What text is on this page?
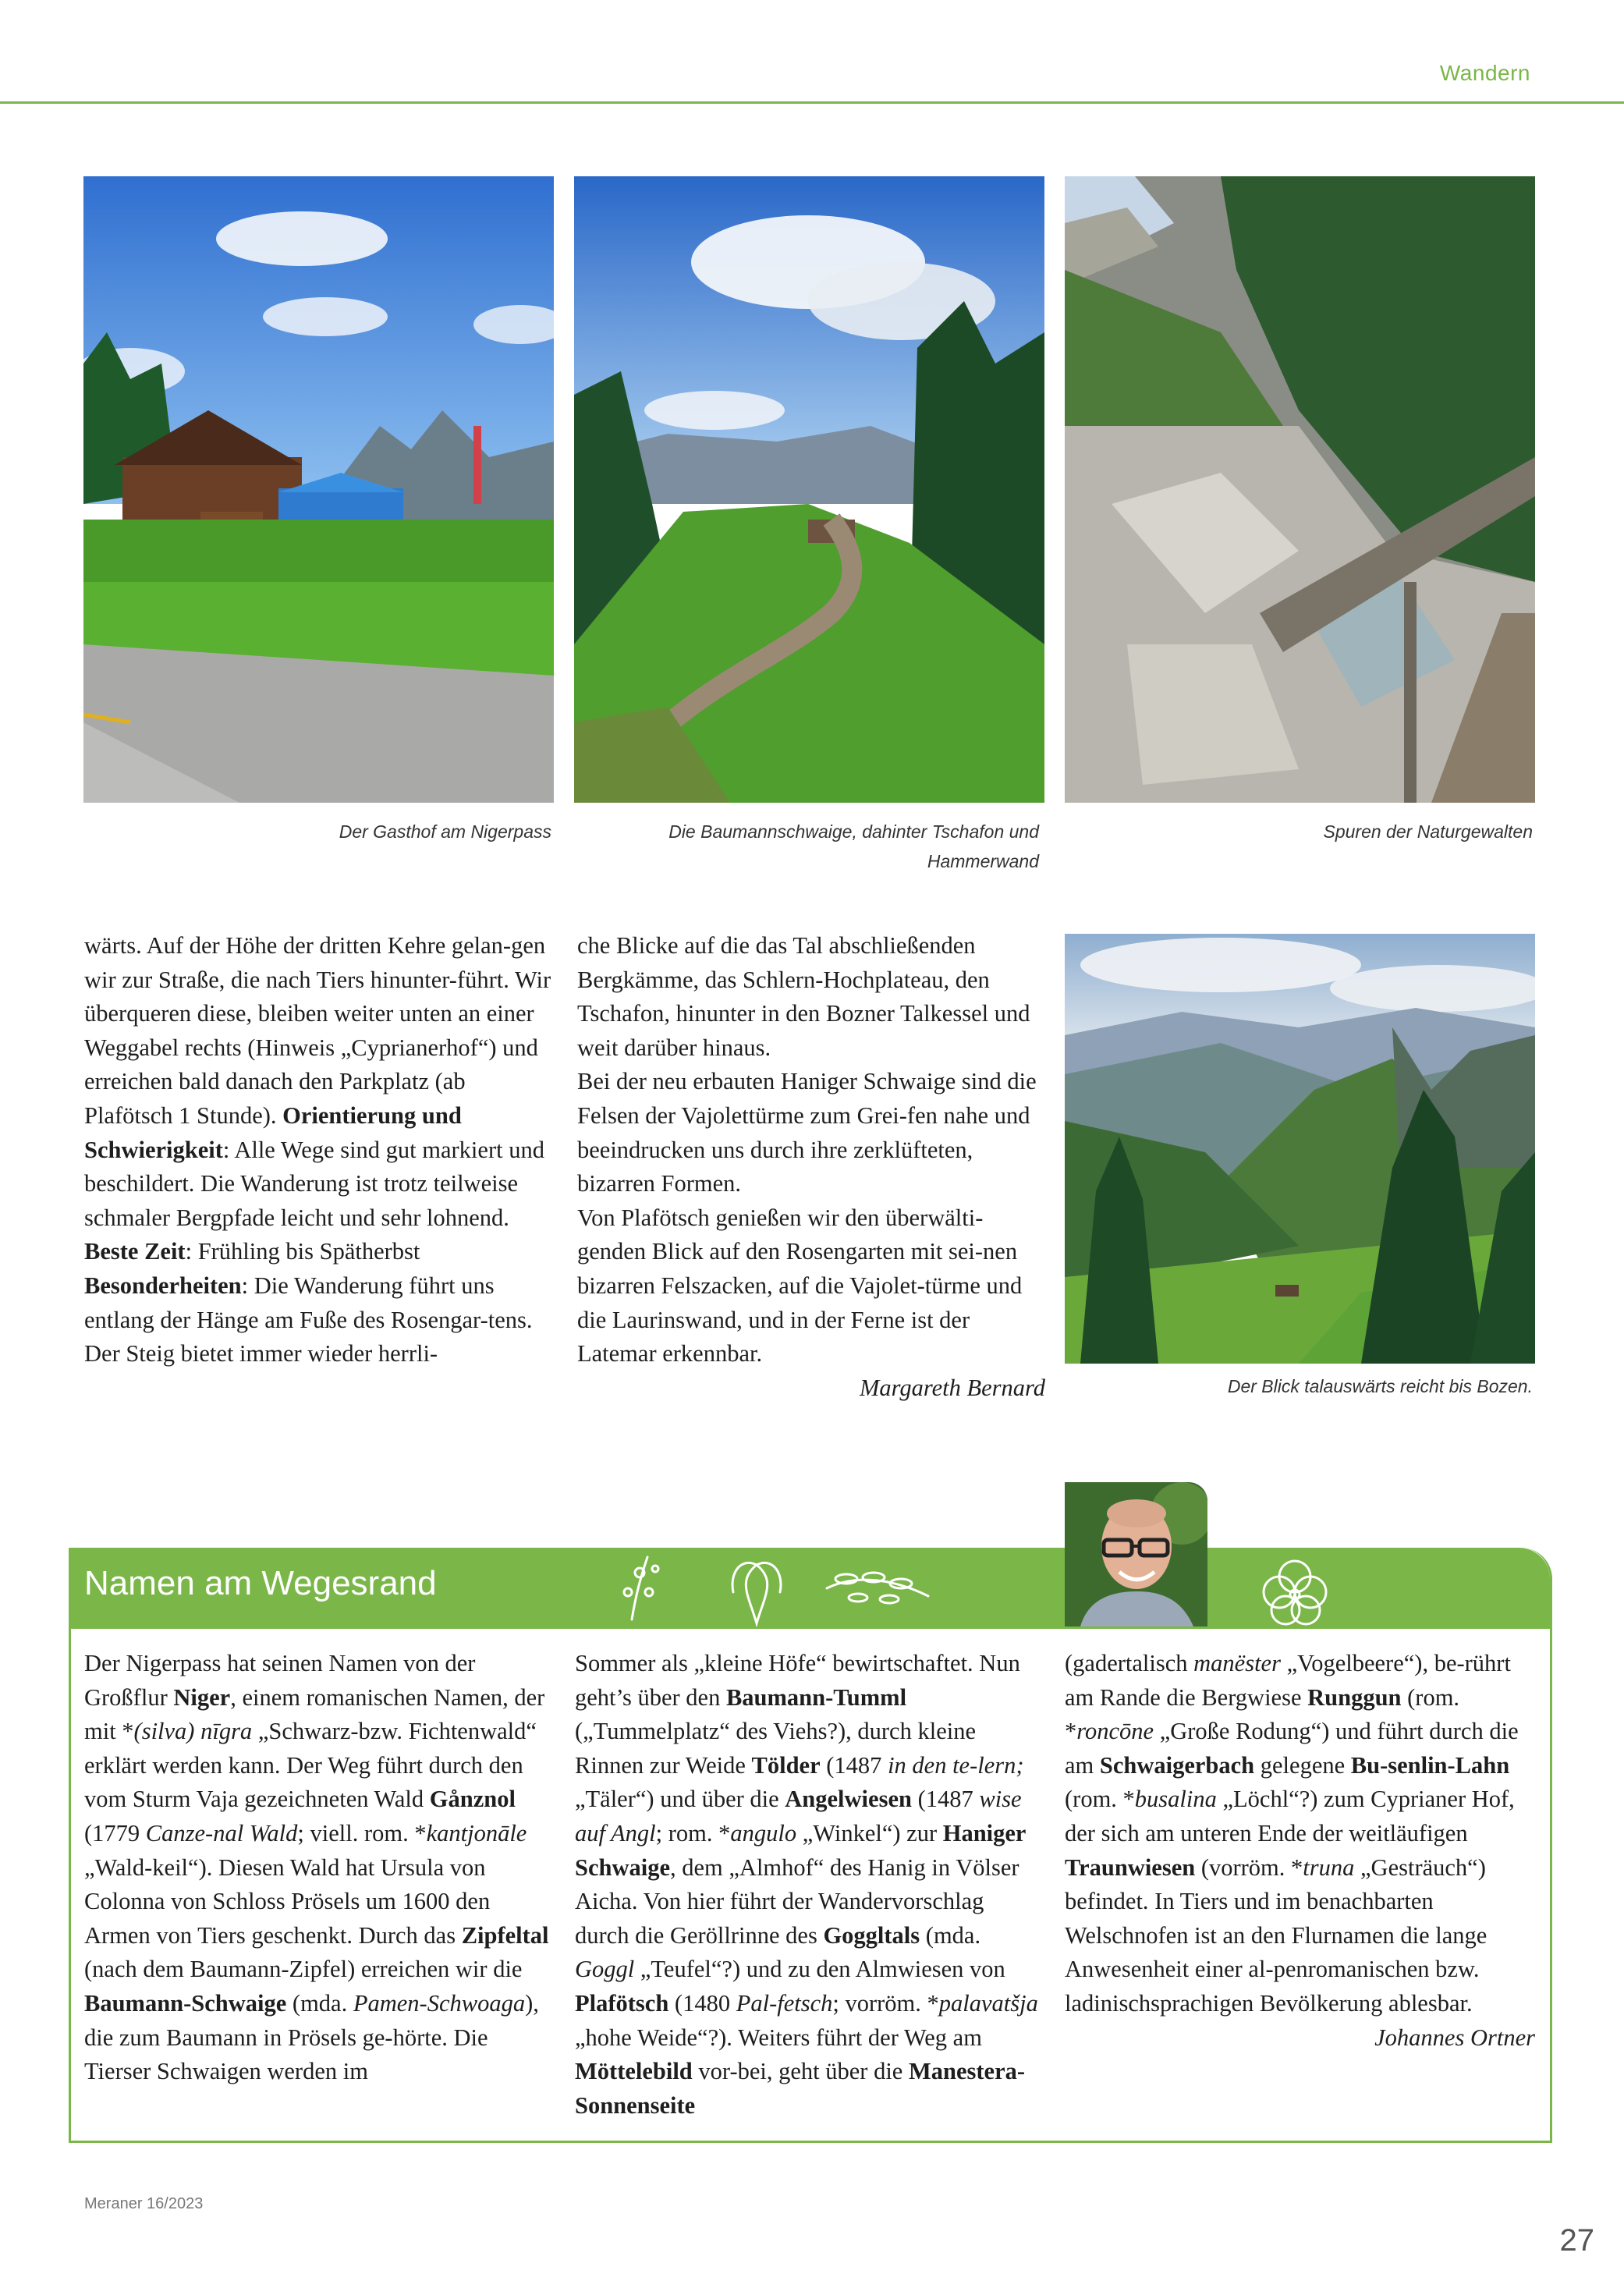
Wandern
Der Gasthof am Nigerpass	Die Baumannschwaige, dahinter Tschafon und Hammerwand
Spuren der Naturgewalten
Der Blick talauswärts reicht bis Bozen.

wärts. Auf der Höhe der dritten Kehre gelan-gen wir zur Straße, die nach Tiers hinunter-führt. Wir überqueren diese, bleiben weiter unten an einer Weggabel rechts (Hinweis „Cyprianerhof“) und erreichen bald danach den Parkplatz (ab Plafötsch 1 Stunde). Orientierung und Schwierigkeit: Alle Wege sind gut markiert und beschildert. Die Wanderung ist trotz teilweise schmaler Bergpfade leicht und sehr lohnend.

Beste Zeit: Frühling bis Spätherbst

Besonderheiten: Die Wanderung führt uns entlang der Hänge am Fuße des Rosengar-tens. Der Steig bietet immer wieder herrli-

che Blicke auf die das Tal abschließenden Bergkämme, das Schlern-Hochplateau, den Tschafon, hinunter in den Bozner Talkessel und weit darüber hinaus.

Bei der neu erbauten Haniger Schwaige sind die Felsen der Vajolettürme zum Grei-fen nahe und beeindrucken uns durch ihre zerklüfteten, bizarren Formen.

Von Plafötsch genießen wir den überwälti-genden Blick auf den Rosengarten mit sei-nen bizarren Felszacken, auf die Vajolet-türme und die Laurinswand, und in der Ferne ist der Latemar erkennbar.

Margareth Bernard

Namen am Wegesrand

Der Nigerpass hat seinen Namen von der Großflur Niger, einem romanischen Namen, der mit *(silva) nīgra „Schwarz-bzw. Fichtenwald“ erklärt werden kann. Der Weg führt durch den vom Sturm Vaja gezeichneten Wald Gånznol (1779 Canze-nal Wald; viell. rom. *kantjonāle „Wald-keil“). Diesen Wald hat Ursula von Colonna von Schloss Prösels um 1600 den Armen von Tiers geschenkt. Durch das Zipfeltal (nach dem Baumann-Zipfel) erreichen wir die Baumann-Schwaige (mda. Pamen-Schwoaga), die zum Baumann in Prösels ge-hörte. Die Tierser Schwaigen werden im

Sommer als „kleine Höfe“ bewirtschaftet. Nun geht’s über den Baumann-Tumml („Tummelplatz“ des Viehs?), durch kleine Rinnen zur Weide Tölder (1487 in den te-lern; „Täler“) und über die Angelwiesen (1487 wise auf Angl; rom. *angulo „Winkel“) zur Haniger Schwaige, dem „Almhof“ des Hanig in Völser Aicha. Von hier führt der Wandervorschlag durch die Geröllrinne des Goggltals (mda. Goggl „Teufel“?) und zu den Almwiesen von Plafötsch (1480 Pal-fetsch; vorröm. *palavatšja „hohe Weide“?). Weiters führt der Weg am Möttelebild vor-bei, geht über die Manestera-Sonnenseite

(gadertalisch manëster „Vogelbeere“), be-rührt am Rande die Bergwiese Runggun (rom. *roncōne „Große Rodung“) und führt durch die am Schwaigerbach gelegene Bu-senlin-Lahn (rom. *busalina „Löchl“?) zum Cyprianer Hof, der sich am unteren Ende der weitläufigen Traunwiesen (vorröm. *truna „Gesträuch“) befindet. In Tiers und im benachbarten Welschnofen ist an den Flurnamen die lange Anwesenheit einer al-penromanischen bzw. ladinischsprachigen Bevölkerung ablesbar.

Johannes Ortner

Meraner 16/2023
27
